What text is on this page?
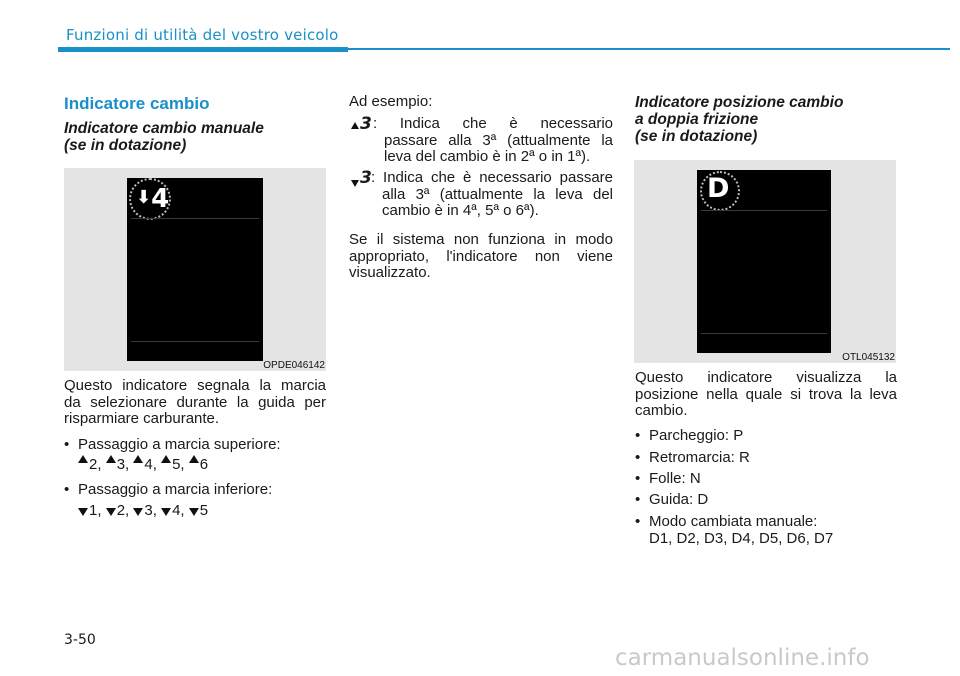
Funzioni di utilità del vostro veicolo
Indicatore cambio
Indicatore cambio manuale
(se in dotazione)
⬇4
OPDE046142
Questo indicatore segnala la marcia
da selezionare durante la guida per
risparmiare carburante.
• Passaggio a marcia superiore:
2, 3, 4, 5, 6
• Passaggio a marcia inferiore:
1, 2, 3, 4, 5
Ad esempio:
3 : Indica che è necessario
passare alla 3ª (attualmente la
leva del cambio è in 2ª o in 1ª).
3 : Indica che è necessario passare
alla 3ª (attualmente la leva del
cambio è in 4ª, 5ª o 6ª).
Se il sistema non funziona in modo
appropriato, l'indicatore non viene
visualizzato.
Indicatore posizione cambio
a doppia frizione
(se in dotazione)
D
OTL045132
Questo indicatore visualizza la
posizione nella quale si trova la leva
cambio.
• Parcheggio: P
• Retromarcia: R
• Folle: N
• Guida: D
• Modo cambiata manuale:
D1, D2, D3, D4, D5, D6, D7
3-50
carmanualsonline.info
